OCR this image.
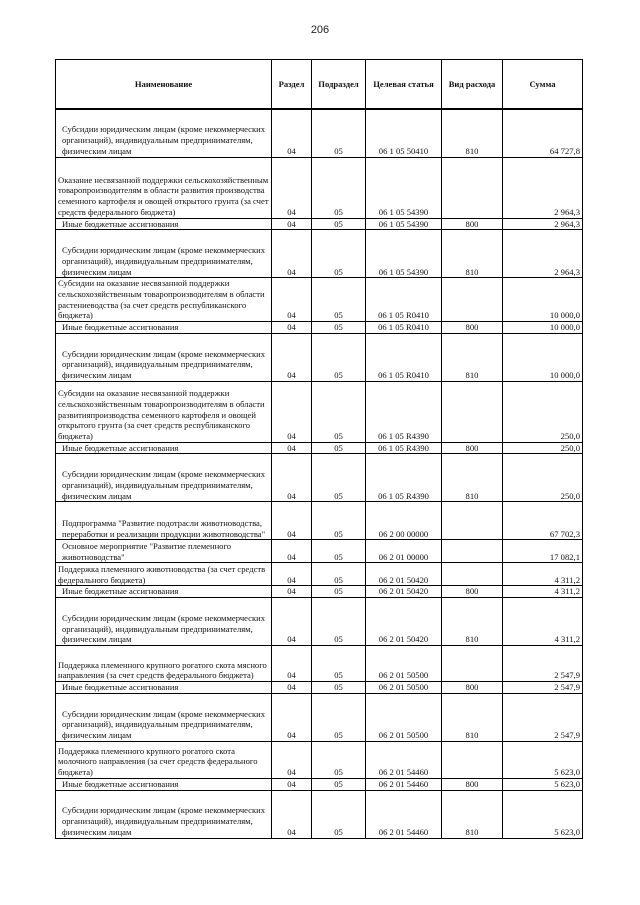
206
Наименование	Раздел	Подраздел	Целевая статья	Вид расхода	Сумма
Субсидии юридическим лицам (кроме некоммерческих организаций), индивидуальным предпринимателям, физическим лицам	04	05	06 1 05 50410	810	64 727,8
Оказание несвязанной поддержки сельскохозяйственным товаропроизводителям в области развития производства семенного картофеля и овощей открытого грунта (за счет средств федерального бюджета)	04	05	06 1 05 54390		2 964,3
Иные бюджетные ассигнования	04	05	06 1 05 54390	800	2 964,3
Субсидии юридическим лицам (кроме некоммерческих организаций), индивидуальным предпринимателям, физическим лицам	04	05	06 1 05 54390	810	2 964,3
Субсидии на оказание несвязанной поддержки сельскохозяйственным товаропроизводителям в области растениеводства (за счет средств республиканского бюджета)	04	05	06 1 05 R0410		10 000,0
Иные бюджетные ассигнования	04	05	06 1 05 R0410	800	10 000,0
Субсидии юридическим лицам (кроме некоммерческих организаций), индивидуальным предпринимателям, физическим лицам	04	05	06 1 05 R0410	810	10 000,0
Субсидии на оказание несвязанной поддержки сельскохозяйственным товаропроизводителям в области развитияпроизводства семенного картофеля и овощей открытого грунта (за счет средств республиканского бюджета)	04	05	06 1 05 R4390		250,0
Иные бюджетные ассигнования	04	05	06 1 05 R4390	800	250,0
Субсидии юридическим лицам (кроме некоммерческих организаций), индивидуальным предпринимателям, физическим лицам	04	05	06 1 05 R4390	810	250,0
Подпрограмма "Развитие подотрасли животноводства, переработки и реализации продукции животноводства"	04	05	06 2 00 00000		67 702,3
Основное мероприятие "Развитие племенного животноводства"	04	05	06 2 01 00000		17 082,1
Поддержка племенного животноводства (за счет средств федерального бюджета)	04	05	06 2 01 50420		4 311,2
Иные бюджетные ассигнования	04	05	06 2 01 50420	800	4 311,2
Субсидии юридическим лицам (кроме некоммерческих организаций), индивидуальным предпринимателям, физическим лицам	04	05	06 2 01 50420	810	4 311,2
Поддержка племенного крупного рогатого скота мясного направления (за счет средств федерального бюджета)	04	05	06 2 01 50500		2 547,9
Иные бюджетные ассигнования	04	05	06 2 01 50500	800	2 547,9
Субсидии юридическим лицам (кроме некоммерческих организаций), индивидуальным предпринимателям, физическим лицам	04	05	06 2 01 50500	810	2 547,9
Поддержка племенного крупного рогатого скота молочного направления (за счет средств федерального бюджета)	04	05	06 2 01 54460		5 623,0
Иные бюджетные ассигнования	04	05	06 2 01 54460	800	5 623,0
Субсидии юридическим лицам (кроме некоммерческих организаций), индивидуальным предпринимателям, физическим лицам	04	05	06 2 01 54460	810	5 623,0
